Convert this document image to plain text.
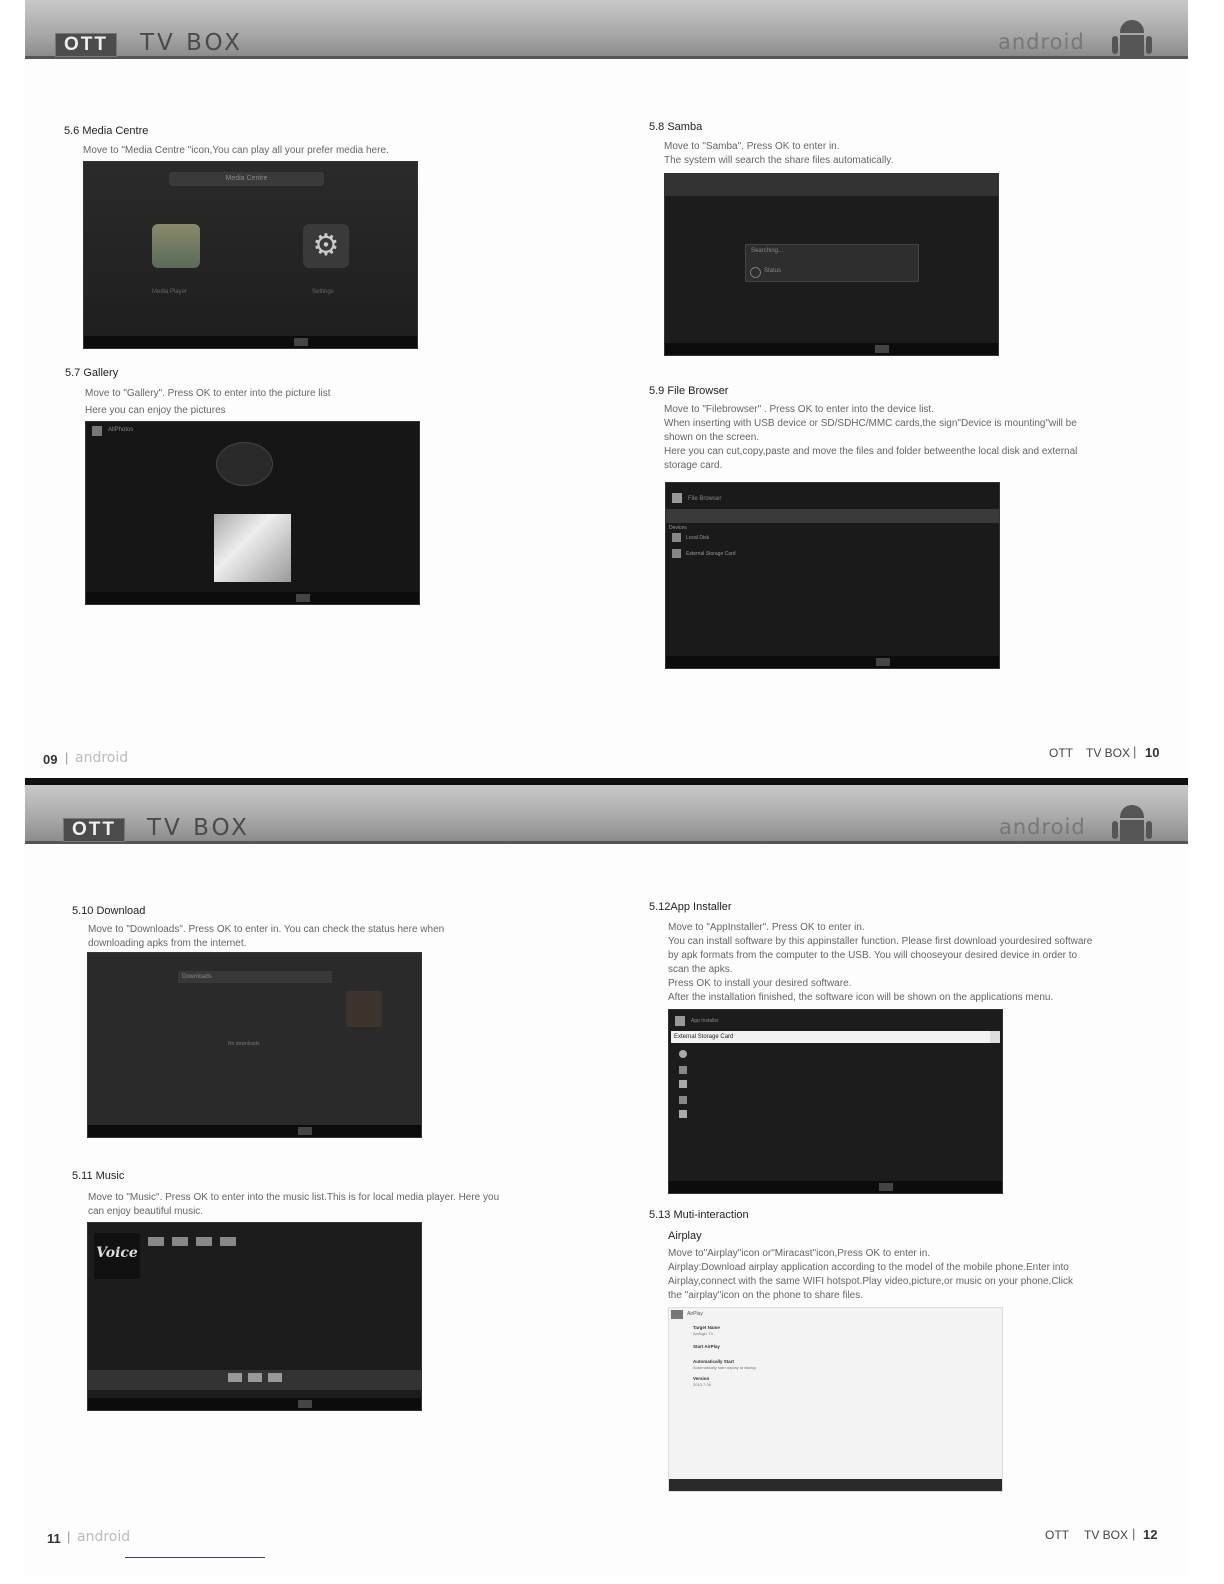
OTT	TV BOX
5.6 Media Centre
Move to "Media Centre "icon,You can play all your prefer media here.
Media Centre
⚙
Media Player	Settings
5.7 Gallery
Move to "Gallery". Press OK to enter into the picture list
Here you can enjoy the pictures
AllPhotos
09 | android
android
5.8 Samba
Move to "Samba". Press OK to enter in.
The system will search the share files automatically.
Searching...
Status
5.9 File Browser
Move to "Filebrowser" . Press OK to enter into the device list.
When inserting with USB device or SD/SDHC/MMC cards,the sign"Device is mounting"will be
shown on the screen.
Here you can cut,copy,paste and move the files and folder betweenthe local disk and external
storage card.
File Browser
Devices
Local Disk
External Storage Card
OTT TV BOX | 10
OTT	TV BOX
5.10 Download
Move to "Downloads". Press OK to enter in. You can check the status here when
downloading apks from the internet.
Downloads
No downloads
5.11 Music
Move to "Music". Press OK to enter into the music list.This is for local media player. Here you
can enjoy beautiful music.
Voice
11 | android
android
5.12App Installer
Move to "AppInstaller". Press OK to enter in.
You can install software by this appinstaller function. Please first download yourdesired software
by apk formats from the computer to the USB. You will chooseyour desired device in order to
scan the apks.
Press OK to install your desired software.
After the installation finished, the software icon will be shown on the applications menu.
App Installer
External Storage Card
5.13 Muti-interaction
Airplay
Move to"Airplay"icon or"Miracast"icon,Press OK to enter in.
Airplay:Download airplay application according to the model of the mobile phone.Enter into
Airplay,connect with the same WIFI hotspot.Play video,picture,or music on your phone.Click
the "airplay"icon on the phone to share files.
AirPlay
Target Name
Amlogic TV
Start AirPlay
Automatically Start
Automatically start airplay at startup
Version
2013.7.06
OTT TV BOX | 12
